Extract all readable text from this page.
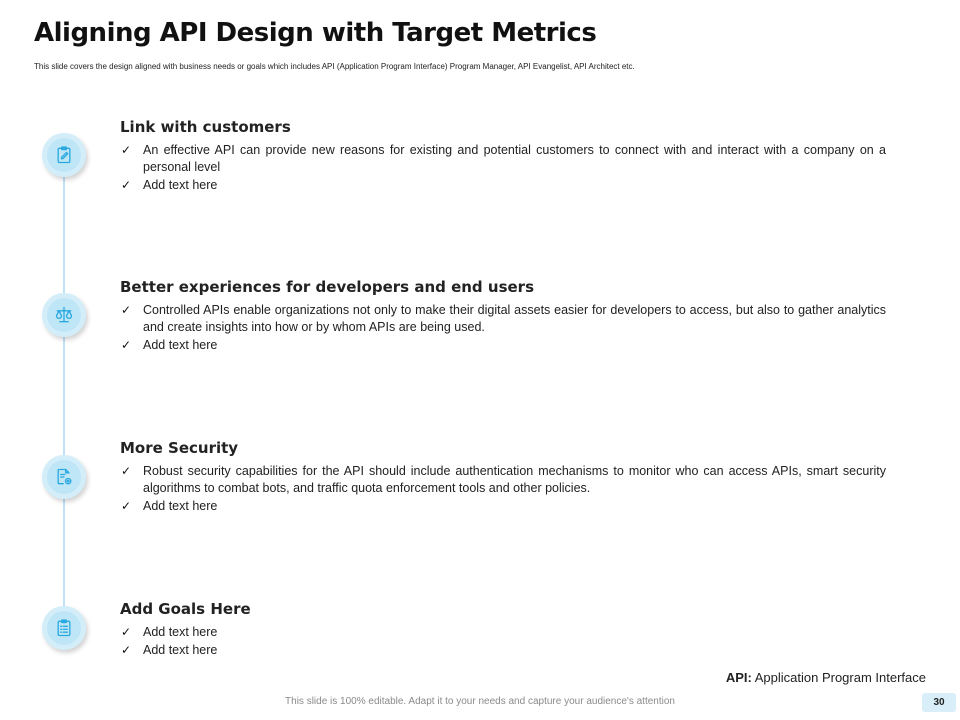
Aligning API Design with Target Metrics

This slide covers the design aligned with business needs or goals which includes API (Application Program Interface) Program Manager, API Evangelist, API Architect etc.

Link with customers
✓ An effective API can provide new reasons for existing and potential customers to connect with and interact with a company on a personal level
✓ Add text here
Better experiences for developers and end users
✓ Controlled APIs enable organizations not only to make their digital assets easier for developers to access, but also to gather analytics and create insights into how or by whom APIs are being used.
✓ Add text here
More Security
✓ Robust security capabilities for the API should include authentication mechanisms to monitor who can access APIs, smart security algorithms to combat bots, and traffic quota enforcement tools and other policies.
✓ Add text here
Add Goals Here
✓ Add text here
✓ Add text here
API: Application Program Interface
This slide is 100% editable. Adapt it to your needs and capture your audience's attention	30
